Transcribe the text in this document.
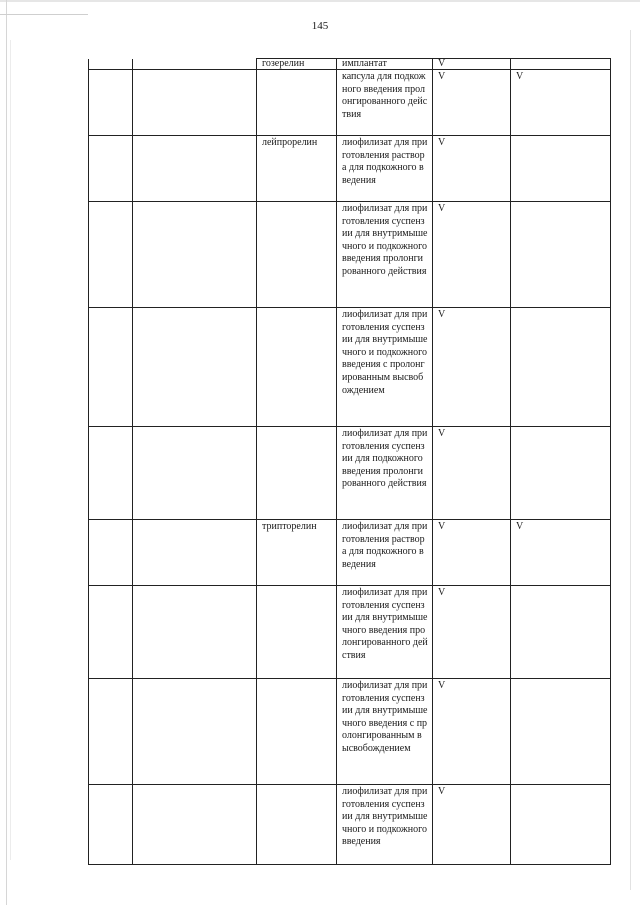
145
		гозерелин	имплантат	V	
			капсула для подкожного введения пролонгированного действия	V	V
		лейпрорелин	лиофилизат для приготовления раствора для подкожного введения	V	
			лиофилизат для приготовления суспензии для внутримышечного и подкожного введения пролонгированного действия	V	
			лиофилизат для приготовления суспензии для внутримышечного и подкожного введения с пролонгированным высвобождением	V	
			лиофилизат для приготовления суспензии для подкожного введения пролонгированного действия	V	
		трипторелин	лиофилизат для приготовления раствора для подкожного введения	V	V
			лиофилизат для приготовления суспензии для внутримышечного введения пролонгированного действия	V	
			лиофилизат для приготовления суспензии для внутримышечного введения с пролонгированным высвобождением	V	
			лиофилизат для приготовления суспензии для внутримышечного и подкожного введения	V	
